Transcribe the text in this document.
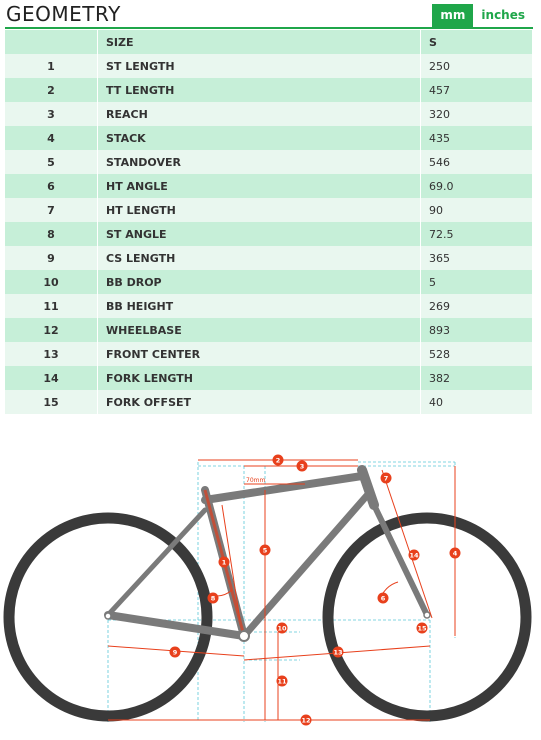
GEOMETRY	mm	inches
	SIZE	S
1	ST LENGTH	250
2	TT LENGTH	457
3	REACH	320
4	STACK	435
5	STANDOVER	546
6	HT ANGLE	69.0
7	HT LENGTH	90
8	ST ANGLE	72.5
9	CS LENGTH	365
10	BB DROP	5
11	BB HEIGHT	269
12	WHEELBASE	893
13	FRONT CENTER	528
14	FORK LENGTH	382
15	FORK OFFSET	40
70mm
1
2
3
4
5
6
7
8
9
10
11
12
13
14
15
